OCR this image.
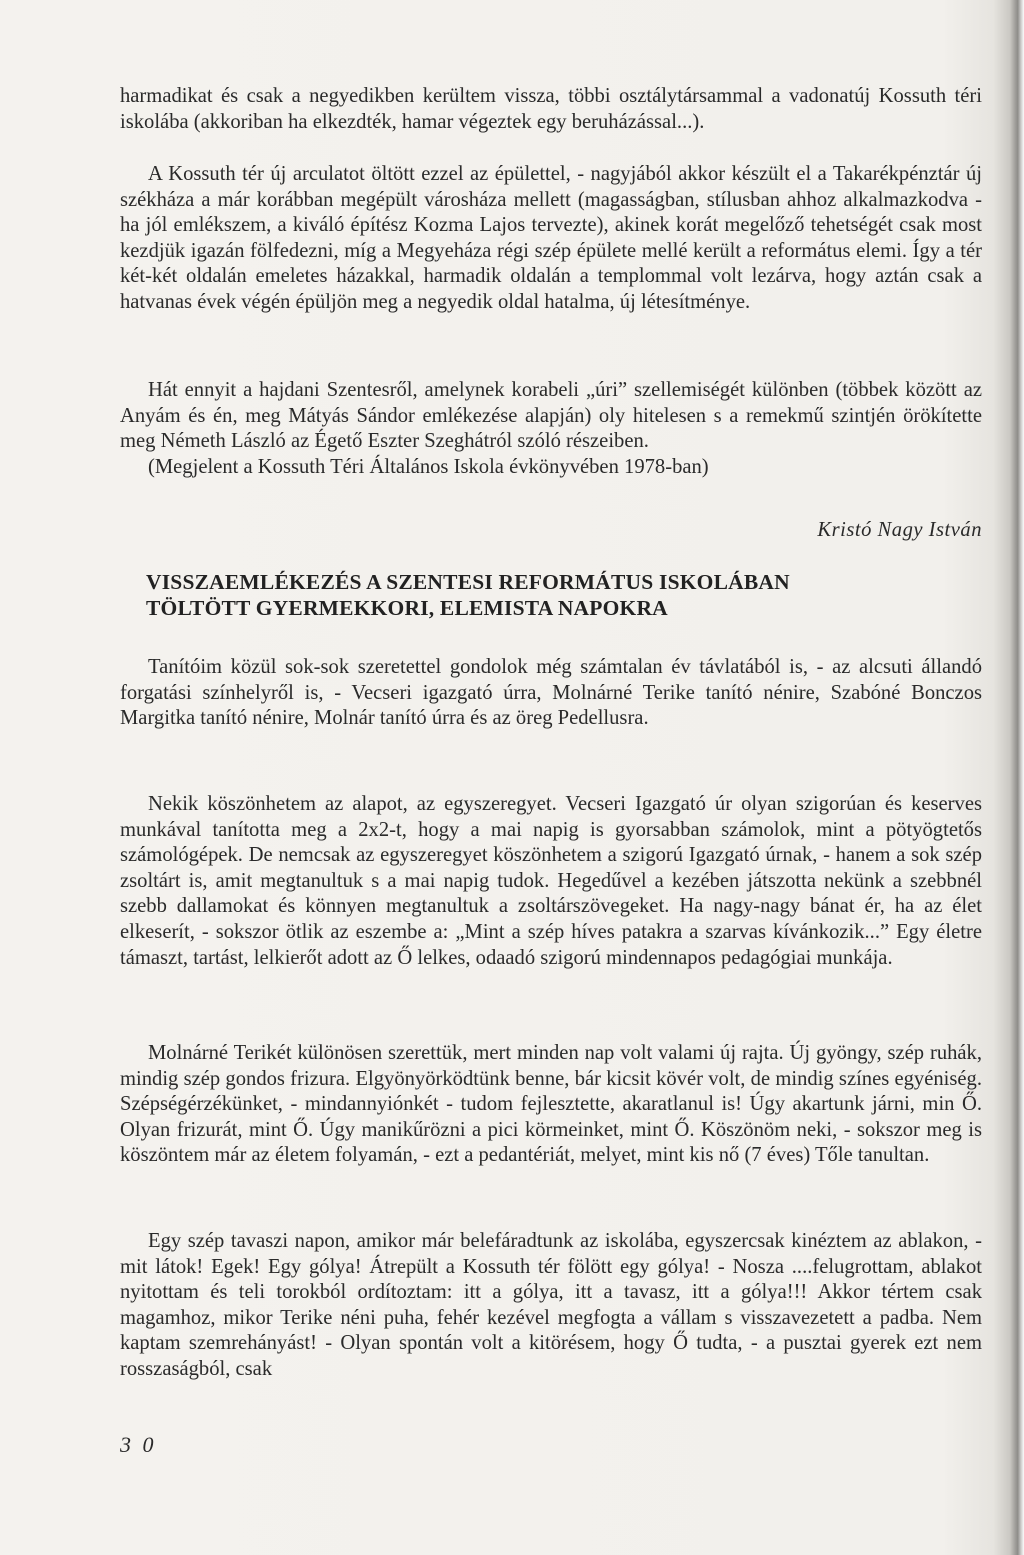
harmadikat és csak a negyedikben kerültem vissza, többi osztálytársammal a vadonatúj Kossuth téri iskolába (akkoriban ha elkezdték, hamar végeztek egy beruházással...).

A Kossuth tér új arculatot öltött ezzel az épülettel, - nagyjából akkor készült el a Takarékpénztár új székháza a már korábban megépült városháza mellett (magasságban, stílusban ahhoz alkalmazkodva - ha jól emlékszem, a kiváló építész Kozma Lajos tervezte), akinek korát megelőző tehetségét csak most kezdjük igazán fölfedezni, míg a Megyeháza régi szép épülete mellé került a református elemi. Így a tér két-két oldalán emeletes házakkal, harmadik oldalán a templommal volt lezárva, hogy aztán csak a hatvanas évek végén épüljön meg a negyedik oldal hatalma, új létesítménye.

Hát ennyit a hajdani Szentesről, amelynek korabeli „úri” szellemiségét különben (többek között az Anyám és én, meg Mátyás Sándor emlékezése alapján) oly hitelesen s a remekmű szintjén örökítette meg Németh László az Égető Eszter Szeghátról szóló részeiben.

(Megjelent a Kossuth Téri Általános Iskola évkönyvében 1978-ban)

Kristó Nagy István
VISSZAEMLÉKEZÉS A SZENTESI REFORMÁTUS ISKOLÁBAN
TÖLTÖTT GYERMEKKORI, ELEMISTA NAPOKRA

Tanítóim közül sok-sok szeretettel gondolok még számtalan év távlatából is, - az alcsuti állandó forgatási színhelyről is, - Vecseri igazgató úrra, Molnárné Terike tanító nénire, Szabóné Bonczos Margitka tanító nénire, Molnár tanító úrra és az öreg Pedellusra.

Nekik köszönhetem az alapot, az egyszeregyet. Vecseri Igazgató úr olyan szigorúan és keserves munkával tanította meg a 2x2-t, hogy a mai napig is gyorsabban számolok, mint a pötyögtetős számológépek. De nemcsak az egyszeregyet köszönhetem a szigorú Igazgató úrnak, - hanem a sok szép zsoltárt is, amit megtanultuk s a mai napig tudok. Hegedűvel a kezében játszotta nekünk a szebbnél szebb dallamokat és könnyen megtanultuk a zsoltárszövegeket. Ha nagy-nagy bánat ér, ha az élet elkeserít, - sokszor ötlik az eszembe a: „Mint a szép híves patakra a szarvas kívánkozik...” Egy életre támaszt, tartást, lelkierőt adott az Ő lelkes, odaadó szigorú mindennapos pedagógiai munkája.

Molnárné Terikét különösen szerettük, mert minden nap volt valami új rajta. Új gyöngy, szép ruhák, mindig szép gondos frizura. Elgyönyörködtünk benne, bár kicsit kövér volt, de mindig színes egyéniség. Szépségérzékünket, - mindannyiónkét - tudom fejlesztette, akaratlanul is! Úgy akartunk járni, min Ő. Olyan frizurát, mint Ő. Úgy manikűrözni a pici körmeinket, mint Ő. Köszönöm neki, - sokszor meg is köszöntem már az életem folyamán, - ezt a pedantériát, melyet, mint kis nő (7 éves) Tőle tanultan.

Egy szép tavaszi napon, amikor már belefáradtunk az iskolába, egyszercsak kinéztem az ablakon, - mit látok! Egek! Egy gólya! Átrepült a Kossuth tér fölött egy gólya! - Nosza ....felugrottam, ablakot nyitottam és teli torokból ordítoztam: itt a gólya, itt a tavasz, itt a gólya!!! Akkor tértem csak magamhoz, mikor Terike néni puha, fehér kezével megfogta a vállam s visszavezetett a padba. Nem kaptam szemrehányást! - Olyan spontán volt a kitörésem, hogy Ő tudta, - a pusztai gyerek ezt nem rosszaságból, csak

3 0
